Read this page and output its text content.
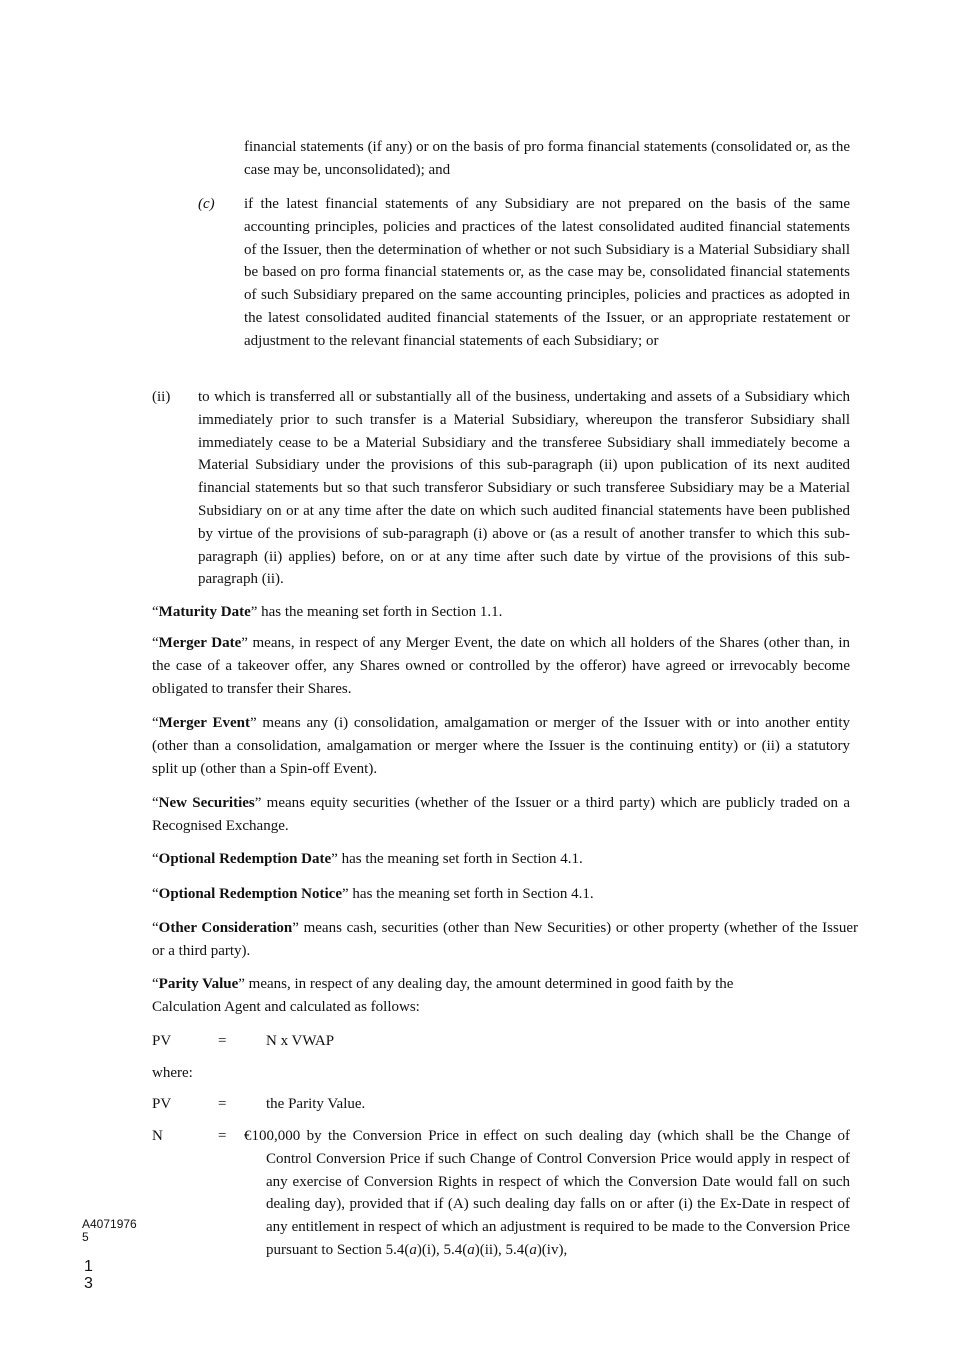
financial statements (if any) or on the basis of pro forma financial statements (consolidated or, as the case may be, unconsolidated); and

(c) if the latest financial statements of any Subsidiary are not prepared on the basis of the same accounting principles, policies and practices of the latest consolidated audited financial statements of the Issuer, then the determination of whether or not such Subsidiary is a Material Subsidiary shall be based on pro forma financial statements or, as the case may be, consolidated financial statements of such Subsidiary prepared on the same accounting principles, policies and practices as adopted in the latest consolidated audited financial statements of the Issuer, or an appropriate restatement or adjustment to the relevant financial statements of each Subsidiary; or

(ii) to which is transferred all or substantially all of the business, undertaking and assets of a Subsidiary which immediately prior to such transfer is a Material Subsidiary, whereupon the transferor Subsidiary shall immediately cease to be a Material Subsidiary and the transferee Subsidiary shall immediately become a Material Subsidiary under the provisions of this sub-paragraph (ii) upon publication of its next audited financial statements but so that such transferor Subsidiary or such transferee Subsidiary may be a Material Subsidiary on or at any time after the date on which such audited financial statements have been published by virtue of the provisions of sub-paragraph (i) above or (as a result of another transfer to which this sub-paragraph (ii) applies) before, on or at any time after such date by virtue of the provisions of this sub-paragraph (ii).

“Maturity Date” has the meaning set forth in Section 1.1.

“Merger Date” means, in respect of any Merger Event, the date on which all holders of the Shares (other than, in the case of a takeover offer, any Shares owned or controlled by the offeror) have agreed or irrevocably become obligated to transfer their Shares.

“Merger Event” means any (i) consolidation, amalgamation or merger of the Issuer with or into another entity (other than a consolidation, amalgamation or merger where the Issuer is the continuing entity) or (ii) a statutory split up (other than a Spin-off Event).

“New Securities” means equity securities (whether of the Issuer or a third party) which are publicly traded on a Recognised Exchange.

“Optional Redemption Date” has the meaning set forth in Section 4.1.

“Optional Redemption Notice” has the meaning set forth in Section 4.1.

“Other Consideration” means cash, securities (other than New Securities) or other property (whether of the Issuer or a third party).

“Parity Value” means, in respect of any dealing day, the amount determined in good faith by the Calculation Agent and calculated as follows:

PV	=	N x VWAP
where:
PV	=	the Parity Value.
N	= €100,000 by the Conversion Price in effect on such dealing day (which shall be the Change of Control Conversion Price if such Change of Control Conversion Price would apply in respect of any exercise of Conversion Rights in respect of which the Conversion Date would fall on such dealing day), provided that if (A) such dealing day falls on or after (i) the Ex-Date in respect of any entitlement in respect of which an adjustment is required to be made to the Conversion Price pursuant to Section 5.4(a)(i), 5.4(a)(ii), 5.4(a)(iv),

A4071976
5
1
3
